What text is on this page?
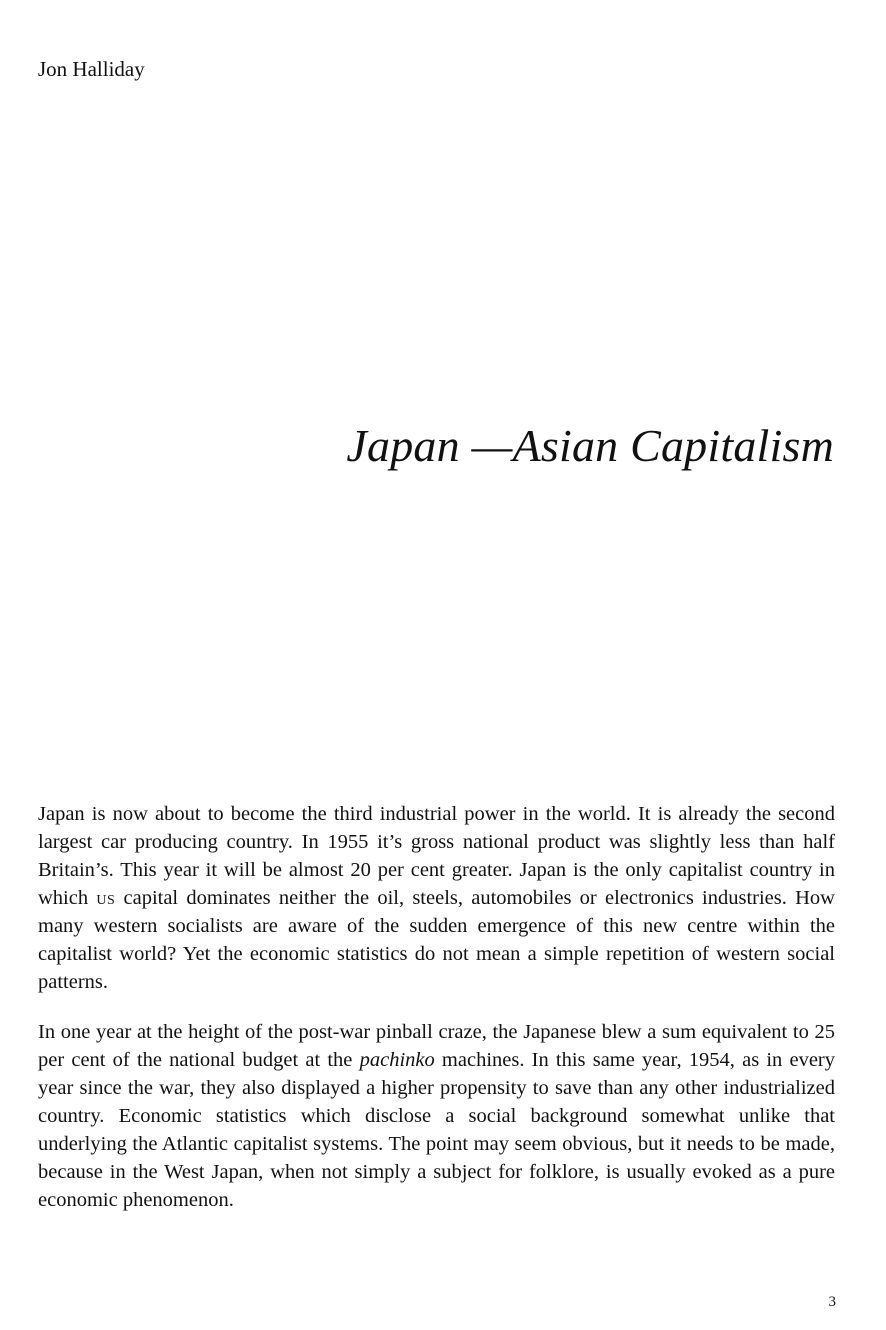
Jon Halliday

Japan —Asian Capitalism

Japan is now about to become the third industrial power in the world. It is already the second largest car producing country. In 1955 it’s gross national product was slightly less than half Britain’s. This year it will be almost 20 per cent greater. Japan is the only capitalist country in which us capital dominates neither the oil, steels, automobiles or electronics industries. How many western socialists are aware of the sudden emergence of this new centre within the capitalist world? Yet the economic statistics do not mean a simple repetition of western social patterns.

In one year at the height of the post-war pinball craze, the Japanese blew a sum equivalent to 25 per cent of the national budget at the pachinko machines. In this same year, 1954, as in every year since the war, they also displayed a higher propensity to save than any other industrialized country. Economic statistics which disclose a social background somewhat unlike that underlying the Atlantic capitalist systems. The point may seem obvious, but it needs to be made, because in the West Japan, when not simply a subject for folklore, is usually evoked as a pure economic phenomenon.

3
